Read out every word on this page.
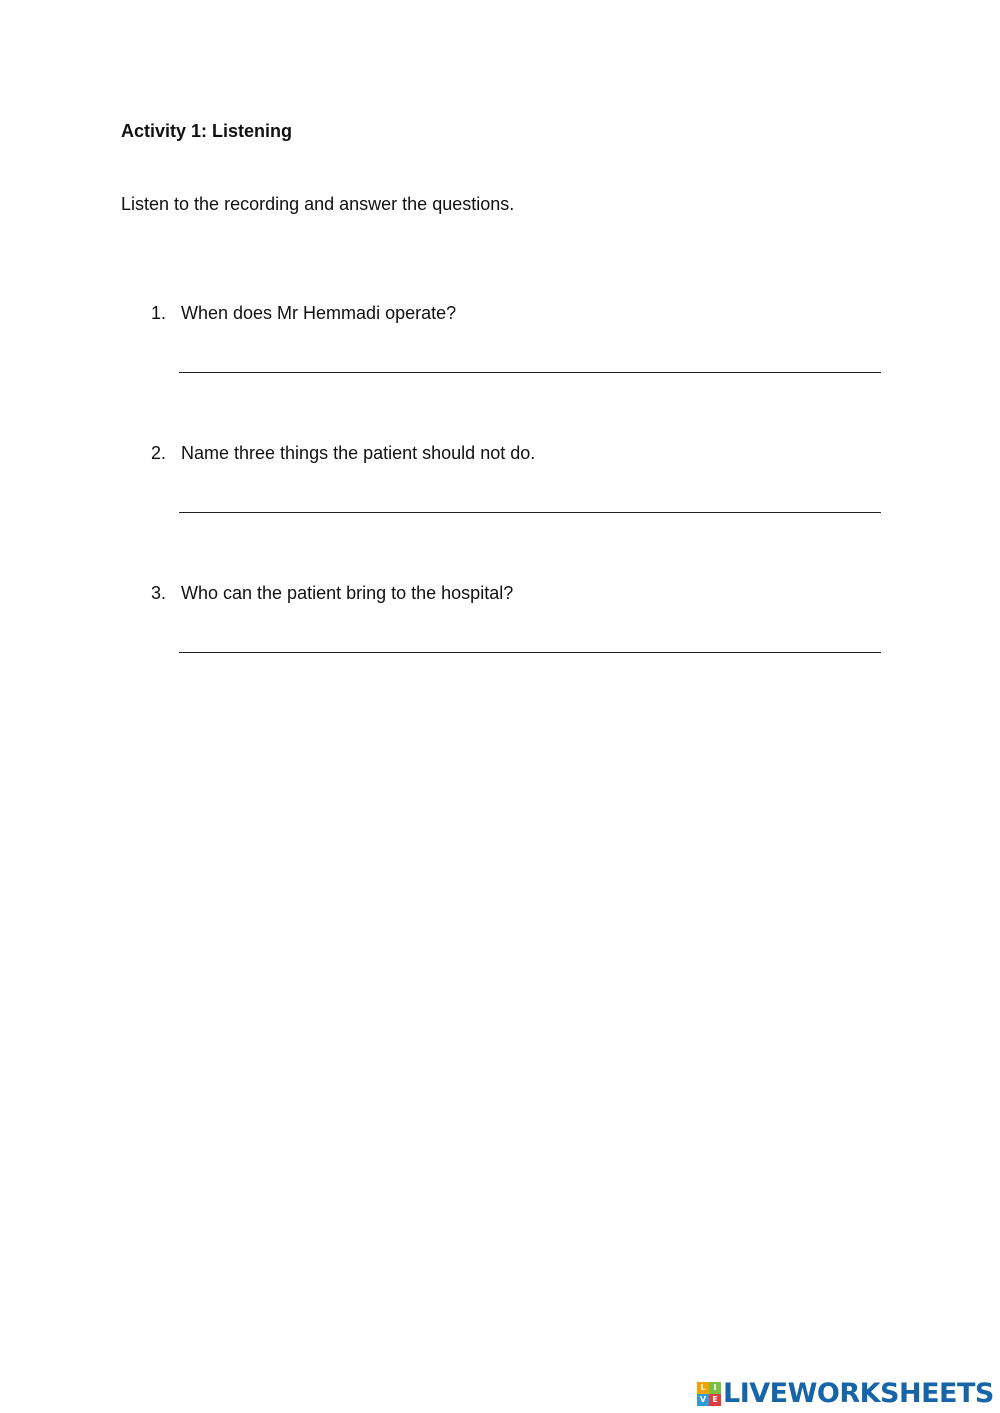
Activity 1: Listening
Listen to the recording and answer the questions.
1. When does Mr Hemmadi operate?
2. Name three things the patient should not do.
3. Who can the patient bring to the hospital?
L I
V E LIVEWORKSHEETS
